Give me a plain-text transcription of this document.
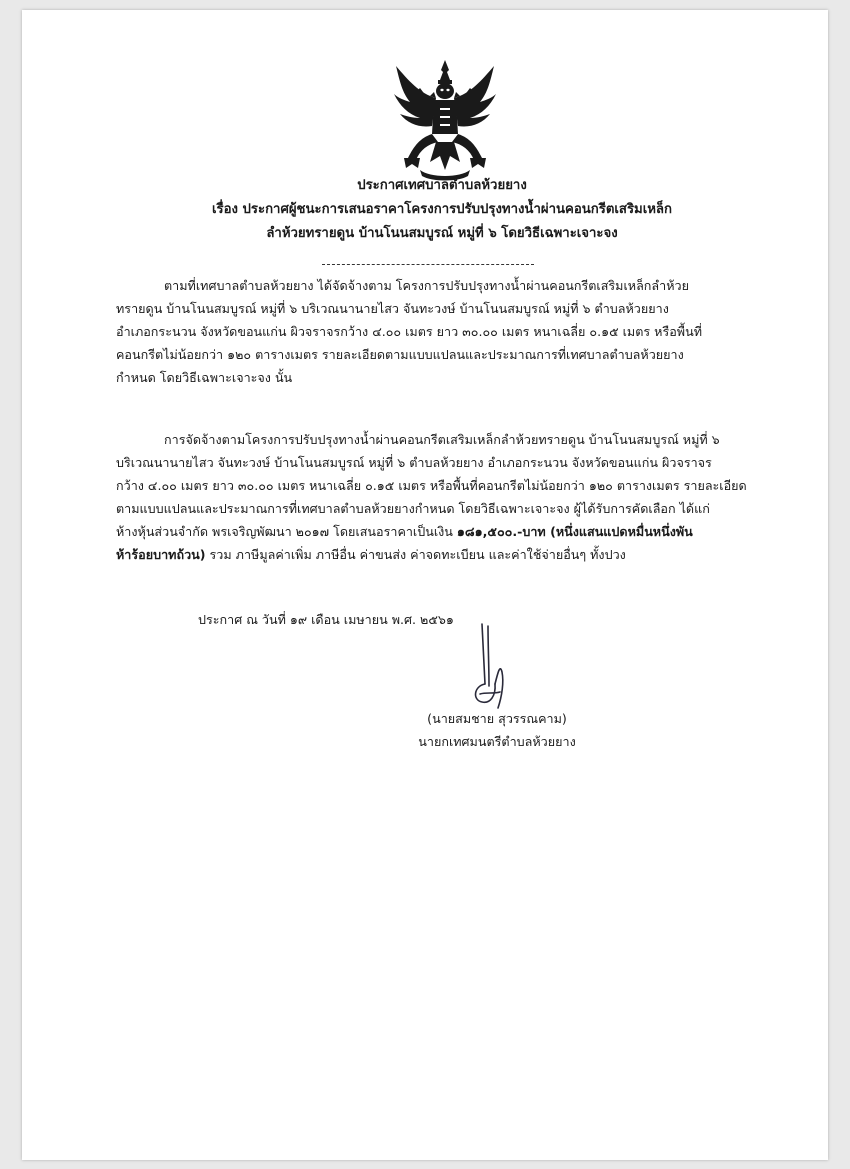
ประกาศเทศบาลตำบลห้วยยาง
เรื่อง ประกาศผู้ชนะการเสนอราคาโครงการปรับปรุงทางน้ำผ่านคอนกรีตเสริมเหล็ก
ลำห้วยทรายดูน บ้านโนนสมบูรณ์ หมู่ที่ ๖ โดยวิธีเฉพาะเจาะจง
ตามที่เทศบาลตำบลห้วยยาง ได้จัดจ้างตาม โครงการปรับปรุงทางน้ำผ่านคอนกรีตเสริมเหล็กลำห้วย
ทรายดูน บ้านโนนสมบูรณ์ หมู่ที่ ๖ บริเวณนานายไสว จันทะวงษ์ บ้านโนนสมบูรณ์ หมู่ที่ ๖ ตำบลห้วยยาง
อำเภอกระนวน จังหวัดขอนแก่น ผิวจราจรกว้าง ๔.๐๐ เมตร ยาว ๓๐.๐๐ เมตร หนาเฉลี่ย ๐.๑๕ เมตร หรือพื้นที่
คอนกรีตไม่น้อยกว่า ๑๒๐ ตารางเมตร รายละเอียดตามแบบแปลนและประมาณการที่เทศบาลตำบลห้วยยาง
กำหนด โดยวิธีเฉพาะเจาะจง นั้น
การจัดจ้างตามโครงการปรับปรุงทางน้ำผ่านคอนกรีตเสริมเหล็กลำห้วยทรายดูน บ้านโนนสมบูรณ์ หมู่ที่ ๖
บริเวณนานายไสว จันทะวงษ์ บ้านโนนสมบูรณ์ หมู่ที่ ๖ ตำบลห้วยยาง อำเภอกระนวน จังหวัดขอนแก่น ผิวจราจร
กว้าง ๔.๐๐ เมตร ยาว ๓๐.๐๐ เมตร หนาเฉลี่ย ๐.๑๕ เมตร หรือพื้นที่คอนกรีตไม่น้อยกว่า ๑๒๐ ตารางเมตร รายละเอียด
ตามแบบแปลนและประมาณการที่เทศบาลตำบลห้วยยางกำหนด โดยวิธีเฉพาะเจาะจง ผู้ได้รับการคัดเลือก ได้แก่
ห้างหุ้นส่วนจำกัด พรเจริญพัฒนา ๒๐๑๗ โดยเสนอราคาเป็นเงิน ๑๘๑,๕๐๐.-บาท (หนึ่งแสนแปดหมื่นหนึ่งพัน
ห้าร้อยบาทถ้วน) รวม ภาษีมูลค่าเพิ่ม ภาษีอื่น ค่าขนส่ง ค่าจดทะเบียน และค่าใช้จ่ายอื่นๆ ทั้งปวง
ประกาศ ณ วันที่ ๑๙ เดือน เมษายน พ.ศ. ๒๕๖๑
(นายสมชาย สุวรรณคาม)
นายกเทศมนตรีตำบลห้วยยาง
